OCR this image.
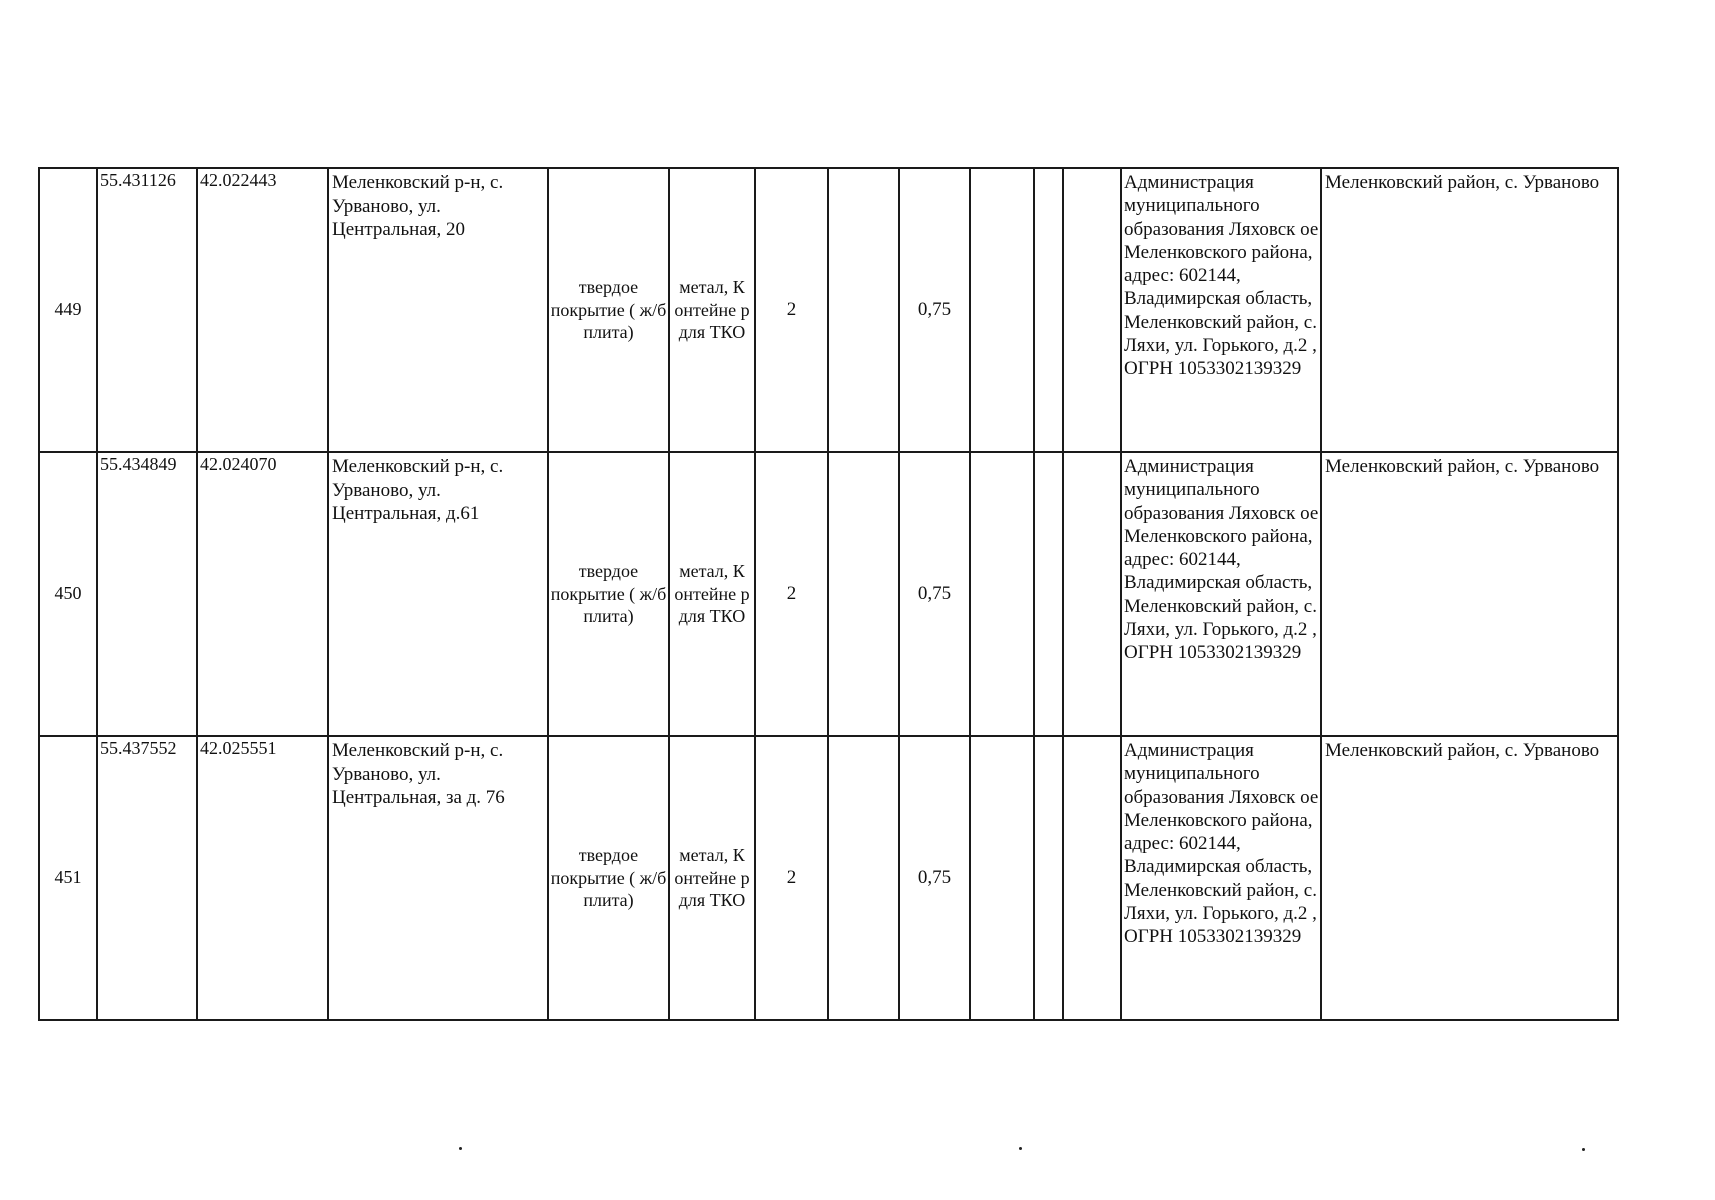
449	55.431126	42.022443	Меленковский р-н, с. Урваново, ул. Центральная, 20	твердое покрытие ( ж/б плита)	метал, К онтейне р для ТКО	2		0,75				Администрация муниципального образования Ляховск ое Меленковского района, адрес: 602144, Владимирская область, Меленковский район, с. Ляхи, ул. Горького, д.2 , ОГРН 1053302139329	Меленковский район, с. Урваново
450	55.434849	42.024070	Меленковский р-н, с. Урваново, ул. Центральная, д.61	твердое покрытие ( ж/б плита)	метал, К онтейне р для ТКО	2		0,75				Администрация муниципального образования Ляховск ое Меленковского района, адрес: 602144, Владимирская область, Меленковский район, с. Ляхи, ул. Горького, д.2 , ОГРН 1053302139329	Меленковский район, с. Урваново
451	55.437552	42.025551	Меленковский р-н, с. Урваново, ул. Центральная, за д. 76	твердое покрытие ( ж/б плита)	метал, К онтейне р для ТКО	2		0,75				Администрация муниципального образования Ляховск ое Меленковского района, адрес: 602144, Владимирская область, Меленковский район, с. Ляхи, ул. Горького, д.2 , ОГРН 1053302139329	Меленковский район, с. Урваново
